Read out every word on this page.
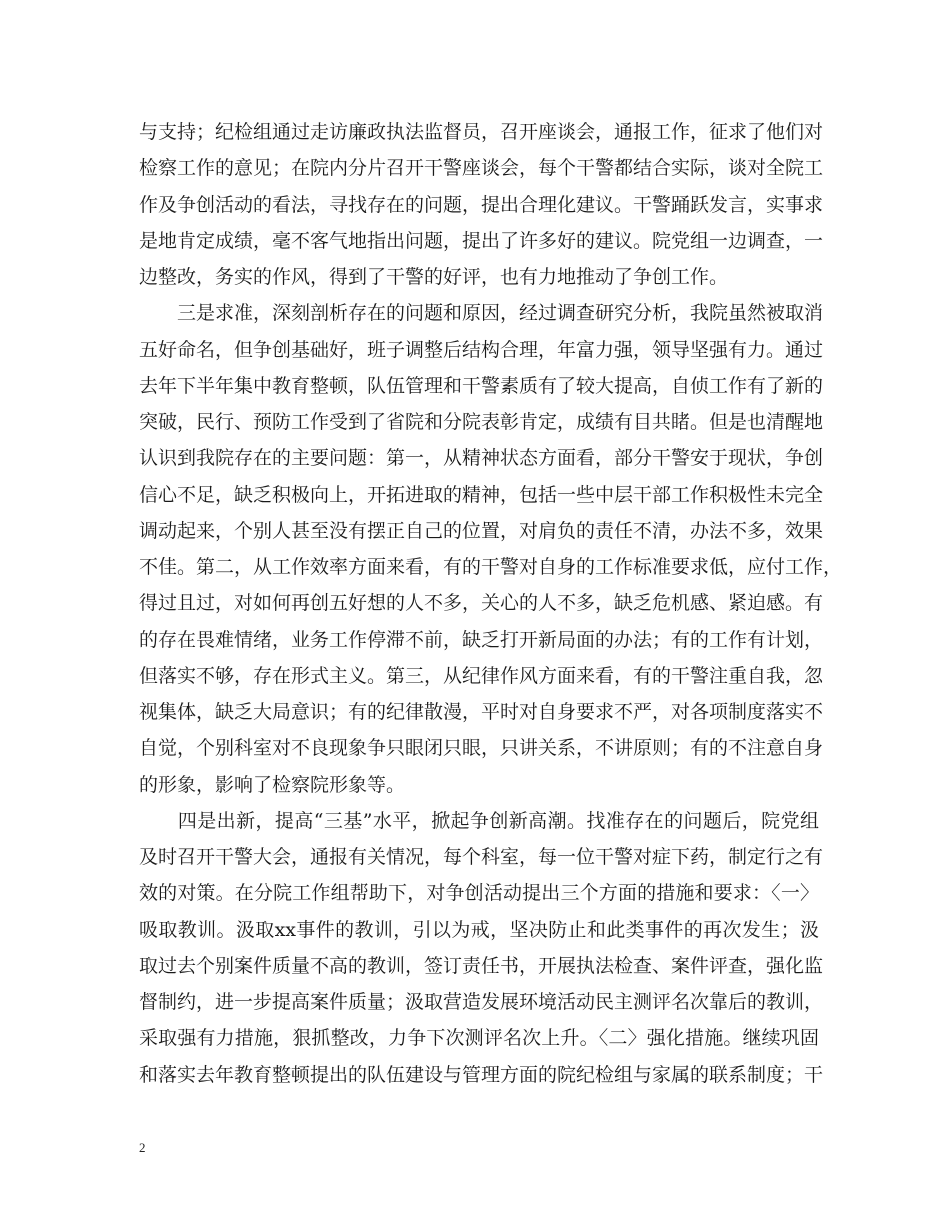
与支持；纪检组通过走访廉政执法监督员，召开座谈会，通报工作，征求了他们对
检察工作的意见；在院内分片召开干警座谈会，每个干警都结合实际，谈对全院工
作及争创活动的看法，寻找存在的问题，提出合理化建议。干警踊跃发言，实事求
是地肯定成绩，毫不客气地指出问题，提出了许多好的建议。院党组一边调查，一
边整改，务实的作风，得到了干警的好评，也有力地推动了争创工作。
　　三是求准，深刻剖析存在的问题和原因，经过调查研究分析，我院虽然被取消
五好命名，但争创基础好，班子调整后结构合理，年富力强，领导坚强有力。通过
去年下半年集中教育整顿，队伍管理和干警素质有了较大提高，自侦工作有了新的
突破，民行、预防工作受到了省院和分院表彰肯定，成绩有目共睹。但是也清醒地
认识到我院存在的主要问题：第一，从精神状态方面看，部分干警安于现状，争创
信心不足，缺乏积极向上，开拓进取的精神，包括一些中层干部工作积极性未完全
调动起来，个别人甚至没有摆正自己的位置，对肩负的责任不清，办法不多，效果
不佳。第二，从工作效率方面来看，有的干警对自身的工作标准要求低，应付工作，
得过且过，对如何再创五好想的人不多，关心的人不多，缺乏危机感、紧迫感。有
的存在畏难情绪，业务工作停滞不前，缺乏打开新局面的办法；有的工作有计划，
但落实不够，存在形式主义。第三，从纪律作风方面来看，有的干警注重自我，忽
视集体，缺乏大局意识；有的纪律散漫，平时对自身要求不严，对各项制度落实不
自觉，个别科室对不良现象争只眼闭只眼，只讲关系，不讲原则；有的不注意自身
的形象，影响了检察院形象等。
　　四是出新，提高“三基”水平，掀起争创新高潮。找准存在的问题后，院党组
及时召开干警大会，通报有关情况，每个科室，每一位干警对症下药，制定行之有
效的对策。在分院工作组帮助下，对争创活动提出三个方面的措施和要求：〈一〉
吸取教训。汲取xx事件的教训，引以为戒，坚决防止和此类事件的再次发生；汲
取过去个别案件质量不高的教训，签订责任书，开展执法检查、案件评查，强化监
督制约，进一步提高案件质量；汲取营造发展环境活动民主测评名次靠后的教训，
采取强有力措施，狠抓整改，力争下次测评名次上升。〈二〉强化措施。继续巩固
和落实去年教育整顿提出的队伍建设与管理方面的院纪检组与家属的联系制度；干
2
